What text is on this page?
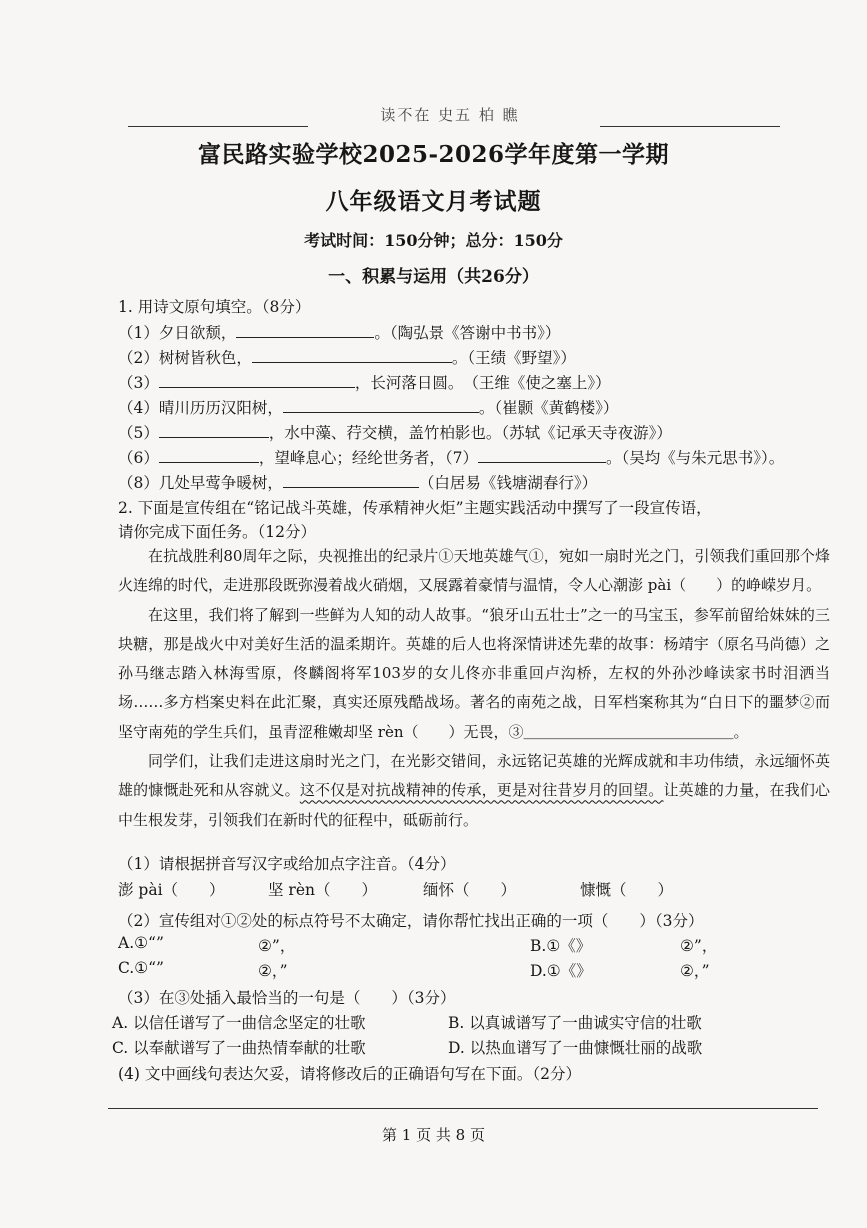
读不在 史五 柏 瞧
富民路实验学校2025-2026学年度第一学期
八年级语文月考试题
考试时间：150分钟；总分：150分
一、积累与运用（共26分）
1. 用诗文原句填空。（8分）
（1）夕日欲颓，	。（陶弘景《答谢中书书》）
（2）树树皆秋色，	。（王绩《野望》）
（3）	，长河落日圆。　（王维《使之塞上》）
（4）晴川历历汉阳树，	。（崔颢《黄鹤楼》）
（5）	，水中藻、荇交横，盖竹柏影也。（苏轼《记承天寺夜游》）
（6）	，望峰息心；经纶世务者，（7）	。（吴均《与朱元思书》）。
（8）几处早莺争暖树，	（白居易《钱塘湖春行》）
2. 下面是宣传组在“铭记战斗英雄，传承精神火炬”主题实践活动中撰写了一段宣传语，
请你完成下面任务。（12分）

在抗战胜利80周年之际，央视推出的纪录片①天地英雄气①，宛如一扇时光之门，引领我们重回那个烽火连绵的时代，走进那段既弥漫着战火硝烟，又展露着豪情与温情，令人心潮澎 pài（　　）的峥嵘岁月。

在这里，我们将了解到一些鲜为人知的动人故事。“狼牙山五壮士”之一的马宝玉，参军前留给妹妹的三块糖，那是战火中对美好生活的温柔期许。英雄的后人也将深情讲述先辈的故事：杨靖宇（原名马尚德）之孙马继志踏入林海雪原，佟麟阁将军103岁的女儿佟亦非重回卢沟桥，左权的外孙沙峰读家书时泪洒当场……多方档案史料在此汇聚，真实还原残酷战场。著名的南苑之战，日军档案称其为“白日下的噩梦②而坚守南苑的学生兵们，虽青涩稚嫩却坚 rèn（　　）无畏，③＿＿＿＿＿＿＿＿＿＿＿＿＿＿。

同学们，让我们走进这扇时光之门，在光影交错间，永远铭记英雄的光辉成就和丰功伟绩，永远缅怀英雄的慷慨赴死和从容就义。这不仅是对抗战精神的传承，更是对往昔岁月的回望。让英雄的力量，在我们心中生根发芽，引领我们在新时代的征程中，砥砺前行。

（1）请根据拼音写汉字或给加点字注音。（4分）
澎 pài（　　）	坚 rèn（　　）	缅怀（　　）	慷慨（　　）
（2）宣传组对①②处的标点符号不太确定，请你帮忙找出正确的一项（　　）（3分）
A.①“”	②”，	B.①《》	②”，
C.①“”	②，”	D.①《》	②，”
（3）在③处插入最恰当的一句是（　　）（3分）
A. 以信任谱写了一曲信念坚定的壮歌	B. 以真诚谱写了一曲诚实守信的壮歌
C. 以奉献谱写了一曲热情奉献的壮歌	D. 以热血谱写了一曲慷慨壮丽的战歌
(4) 文中画线句表达欠妥，请将修改后的正确语句写在下面。（2分）
第 1 页 共 8 页
